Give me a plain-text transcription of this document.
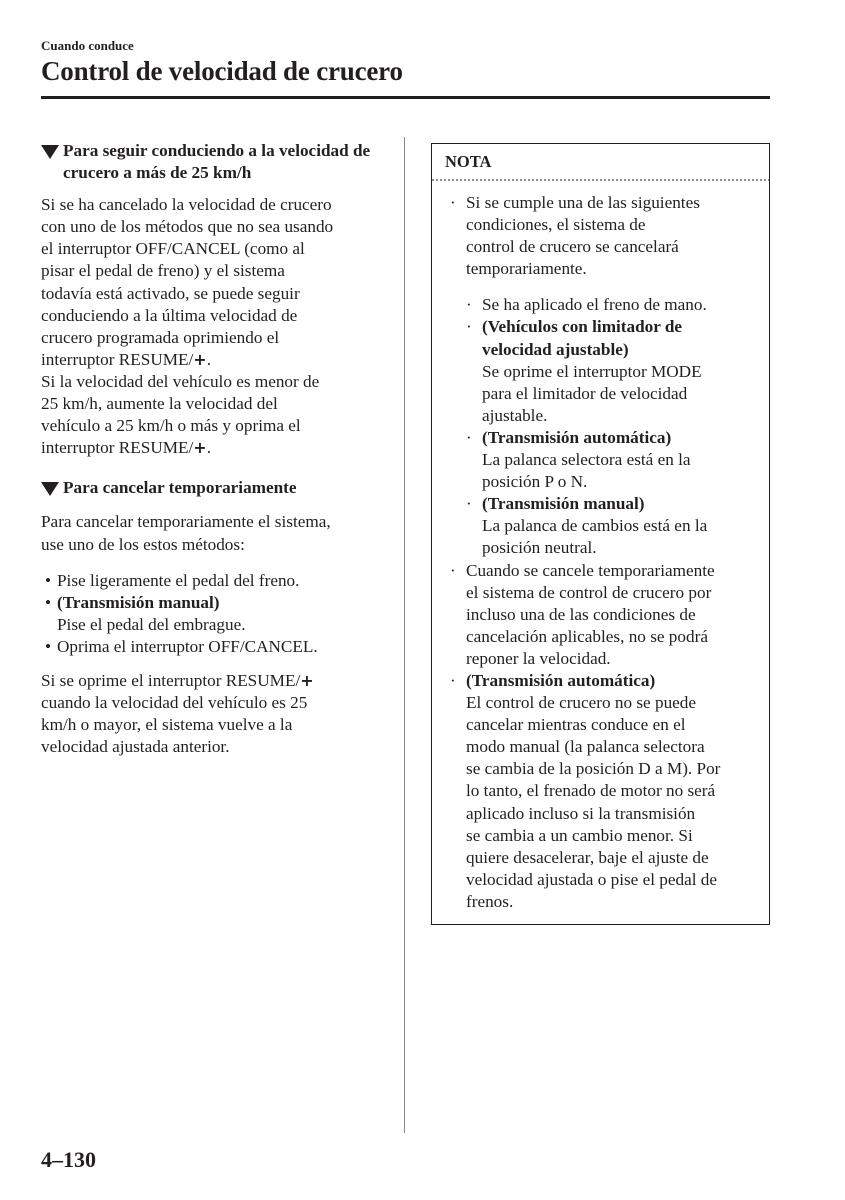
Cuando conduce
Control de velocidad de crucero
Para seguir conduciendo a la velocidad de crucero a más de 25 km/h
Si se ha cancelado la velocidad de crucero
con uno de los métodos que no sea usando
el interruptor OFF/CANCEL (como al
pisar el pedal de freno) y el sistema
todavía está activado, se puede seguir
conduciendo a la última velocidad de
crucero programada oprimiendo el
interruptor RESUME/+.
Si la velocidad del vehículo es menor de
25 km/h, aumente la velocidad del
vehículo a 25 km/h o más y oprima el
interruptor RESUME/+.
Para cancelar temporariamente
Para cancelar temporariamente el sistema,
use uno de los estos métodos:
• Pise ligeramente el pedal del freno.
• (Transmisión manual)
Pise el pedal del embrague.
• Oprima el interruptor OFF/CANCEL.
Si se oprime el interruptor RESUME/+
cuando la velocidad del vehículo es 25
km/h o mayor, el sistema vuelve a la
velocidad ajustada anterior.
NOTA
· Si se cumple una de las siguientes
condiciones, el sistema de
control de crucero se cancelará
temporariamente.
· Se ha aplicado el freno de mano.
· (Vehículos con limitador de
velocidad ajustable)
Se oprime el interruptor MODE
para el limitador de velocidad
ajustable.
· (Transmisión automática)
La palanca selectora está en la
posición P o N.
· (Transmisión manual)
La palanca de cambios está en la
posición neutral.
· Cuando se cancele temporariamente
el sistema de control de crucero por
incluso una de las condiciones de
cancelación aplicables, no se podrá
reponer la velocidad.
· (Transmisión automática)
El control de crucero no se puede
cancelar mientras conduce en el
modo manual (la palanca selectora
se cambia de la posición D a M). Por
lo tanto, el frenado de motor no será
aplicado incluso si la transmisión
se cambia a un cambio menor. Si
quiere desacelerar, baje el ajuste de
velocidad ajustada o pise el pedal de
frenos.
4–130
